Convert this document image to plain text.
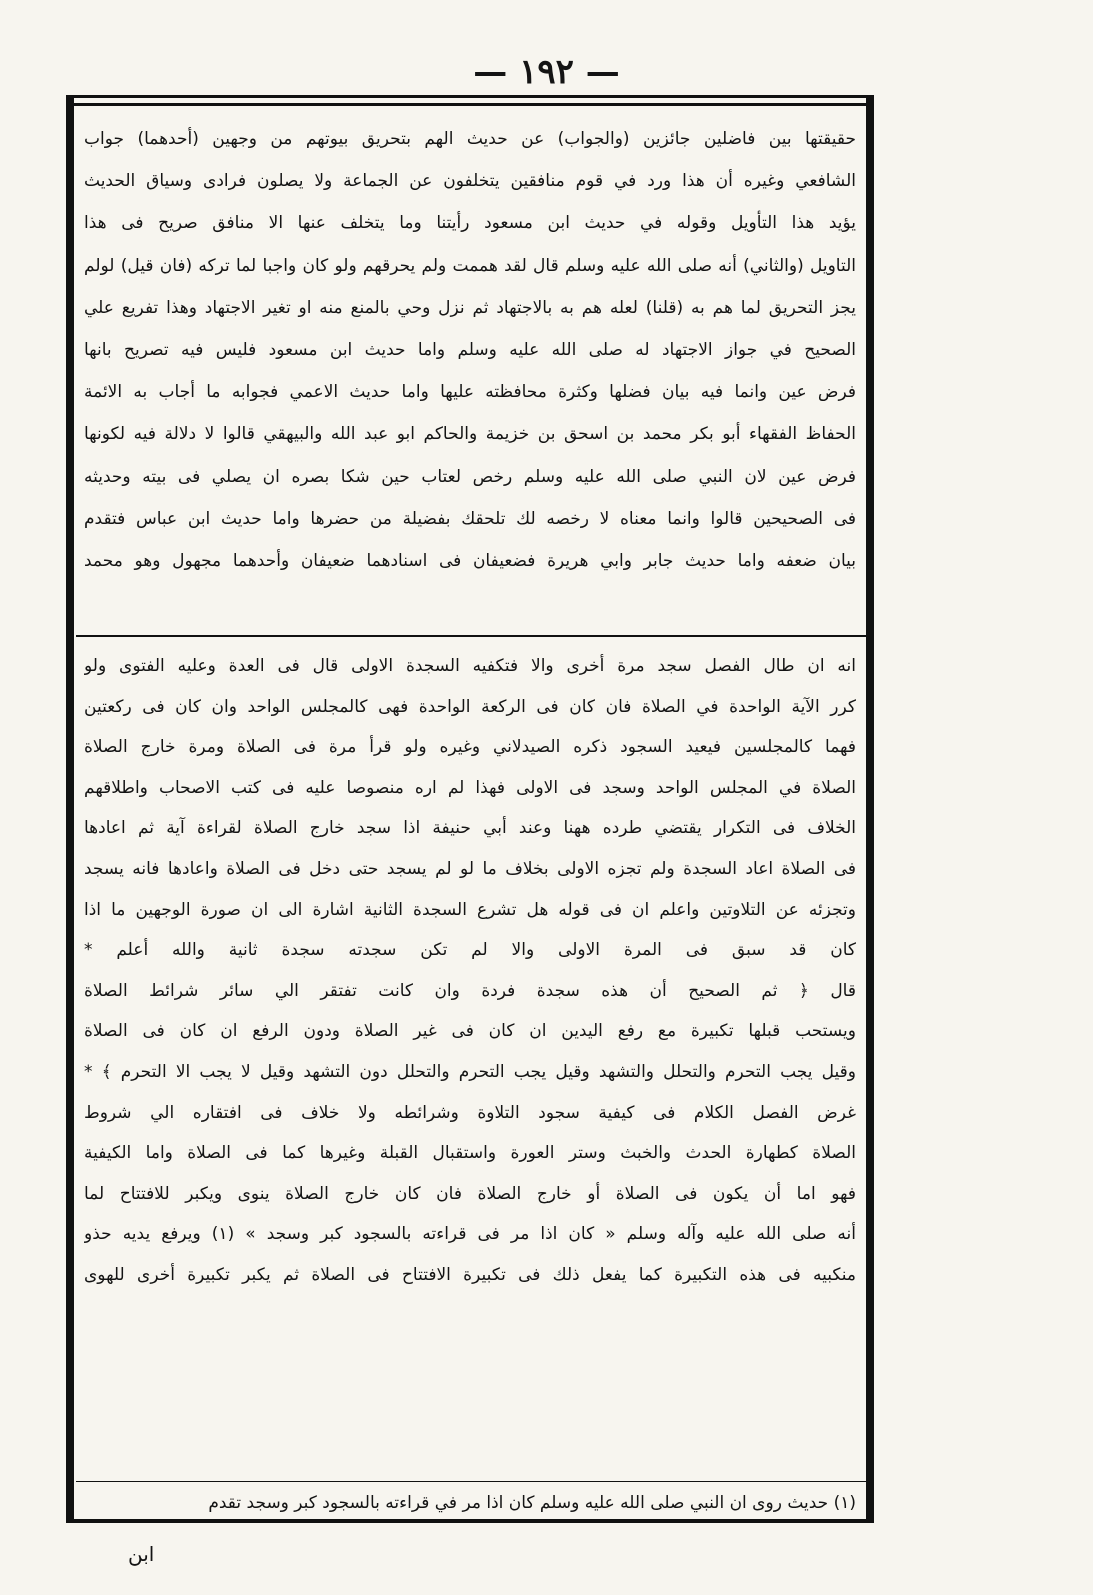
— ١٩٢ —
حقيقتها بين فاضلين جائزين (والجواب) عن حديث الهم بتحريق بيوتهم من وجهين (أحدهما) جواب
الشافعي وغيره أن هذا ورد في قوم منافقين يتخلفون عن الجماعة ولا يصلون فرادى وسياق الحديث
يؤيد هذا التأويل وقوله في حديث ابن مسعود رأيتنا وما يتخلف عنها الا منافق صريح فى هذا
التاويل (والثاني) أنه صلى الله عليه وسلم قال لقد هممت ولم يحرقهم ولو كان واجبا لما تركه (فان قيل) لولم
يجز التحريق لما هم به (قلنا) لعله هم به بالاجتهاد ثم نزل وحي بالمنع منه او تغير الاجتهاد وهذا تفريع علي
الصحيح في جواز الاجتهاد له صلى الله عليه وسلم واما حديث ابن مسعود فليس فيه تصريح بانها
فرض عين وانما فيه بيان فضلها وكثرة محافظته عليها واما حديث الاعمي فجوابه ما أجاب به الائمة
الحفاظ الفقهاء أبو بكر محمد بن اسحق بن خزيمة والحاكم ابو عبد الله والبيهقي قالوا لا دلالة فيه لكونها
فرض عين لان النبي صلى الله عليه وسلم رخص لعتاب حين شكا بصره ان يصلي فى بيته وحديثه
فى الصحيحين قالوا وانما معناه لا رخصه لك تلحقك بفضيلة من حضرها واما حديث ابن عباس فتقدم
بيان ضعفه واما حديث جابر وابي هريرة فضعيفان فى اسنادهما ضعيفان وأحدهما مجهول وهو محمد
انه ان طال الفصل سجد مرة أخرى والا فتكفيه السجدة الاولى قال فى العدة وعليه الفتوى ولو
كرر الآية الواحدة في الصلاة فان كان فى الركعة الواحدة فهى كالمجلس الواحد وان كان فى ركعتين
فهما كالمجلسين فيعيد السجود ذكره الصيدلاني وغيره ولو قرأ مرة فى الصلاة ومرة خارج الصلاة
الصلاة في المجلس الواحد وسجد فى الاولى فهذا لم اره منصوصا عليه فى كتب الاصحاب واطلاقهم
الخلاف فى التكرار يقتضي طرده ههنا وعند أبي حنيفة اذا سجد خارج الصلاة لقراءة آية ثم اعادها
فى الصلاة اعاد السجدة ولم تجزه الاولى بخلاف ما لو لم يسجد حتى دخل فى الصلاة واعادها فانه يسجد
وتجزئه عن التلاوتين واعلم ان فى قوله هل تشرع السجدة الثانية اشارة الى ان صورة الوجهين ما اذا
كان قد سبق فى المرة الاولى والا لم تكن سجدته سجدة ثانية والله أعلم *
قال ﴿ ثم الصحيح أن هذه سجدة فردة وان كانت تفتقر الي سائر شرائط الصلاة
ويستحب قبلها تكبيرة مع رفع اليدين ان كان فى غير الصلاة ودون الرفع ان كان فى الصلاة
وقيل يجب التحرم والتحلل والتشهد وقيل يجب التحرم والتحلل دون التشهد وقيل لا يجب الا التحرم ﴾ *
غرض الفصل الكلام فى كيفية سجود التلاوة وشرائطه ولا خلاف فى افتقاره الي شروط
الصلاة كطهارة الحدث والخبث وستر العورة واستقبال القبلة وغيرها كما فى الصلاة واما الكيفية
فهو اما أن يكون فى الصلاة أو خارج الصلاة فان كان خارج الصلاة ينوى ويكبر للافتتاح لما
أنه صلى الله عليه وآله وسلم « كان اذا مر فى قراءته بالسجود كبر وسجد » (١) ويرفع يديه حذو
منكبيه فى هذه التكبيرة كما يفعل ذلك فى تكبيرة الافتتاح فى الصلاة ثم يكبر تكبيرة أخرى للهوى
(١) حديث روى ان النبي صلى الله عليه وسلم كان اذا مر في قراءته بالسجود كبر وسجد تقدم
ابن
